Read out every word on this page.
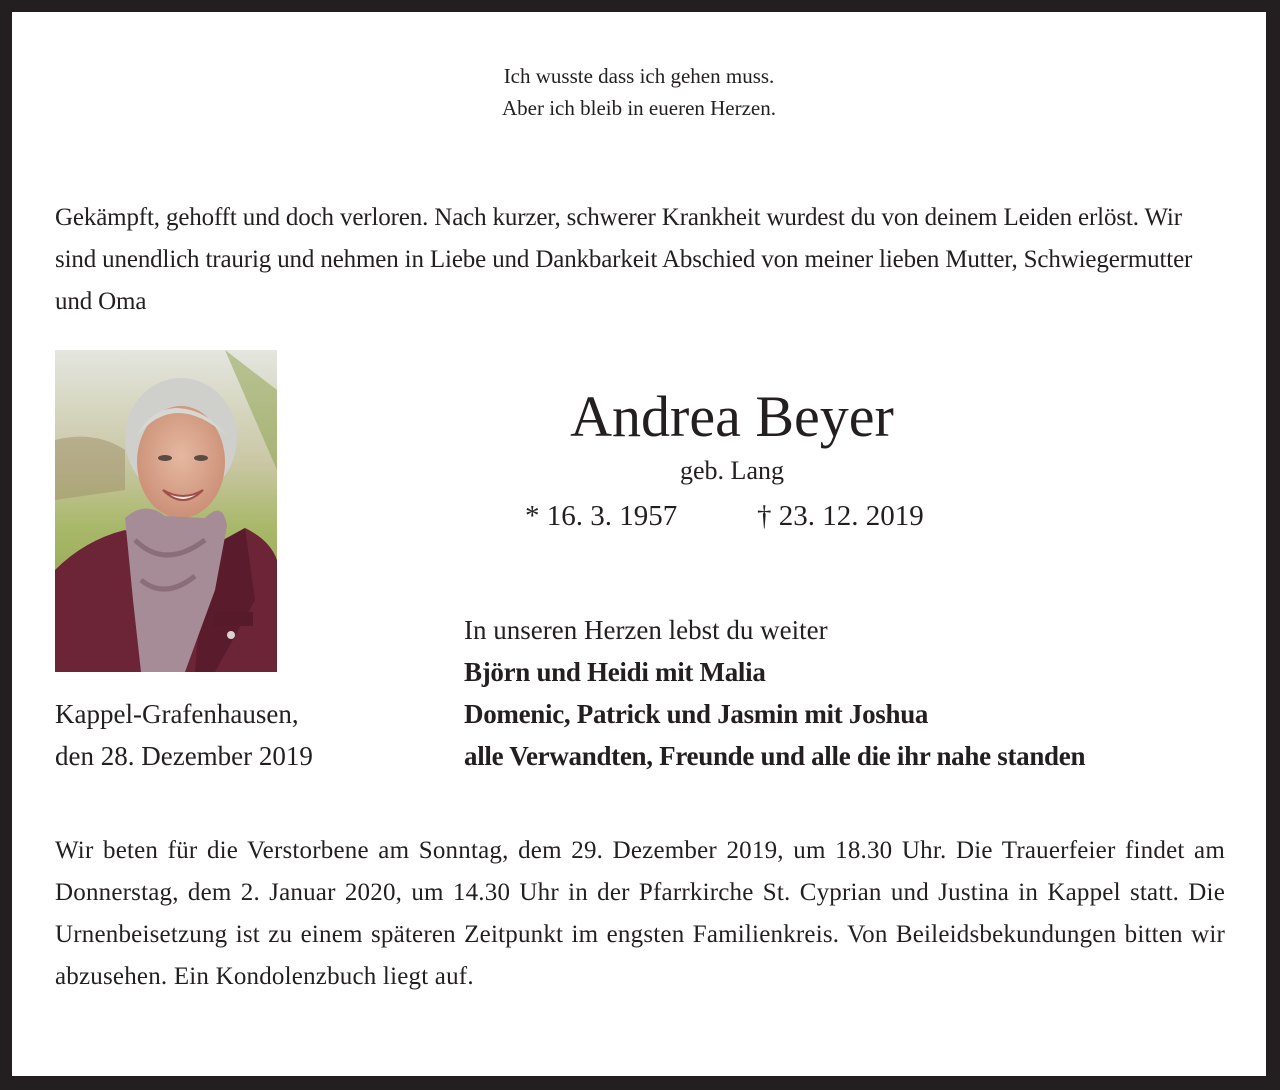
Ich wusste dass ich gehen muss.
Aber ich bleib in eueren Herzen.
Gekämpft, gehofft und doch verloren. Nach kurzer, schwerer Krankheit wurdest du von deinem Leiden erlöst. Wir sind unendlich traurig und nehmen in Liebe und Dankbarkeit Abschied von meiner lieben Mutter, Schwiegermutter und Oma
Andrea Beyer
geb. Lang
* 16. 3. 1957	† 23. 12. 2019
In unseren Herzen lebst du weiter
Björn und Heidi mit Malia
Domenic, Patrick und Jasmin mit Joshua
alle Verwandten, Freunde und alle die ihr nahe standen
Kappel-Grafenhausen,
den 28. Dezember 2019
Wir beten für die Verstorbene am Sonntag, dem 29. Dezember 2019, um 18.30 Uhr. Die Trauerfeier findet am Donnerstag, dem 2. Januar 2020, um 14.30 Uhr in der Pfarrkirche St. Cyprian und Justina in Kappel statt. Die Urnenbeisetzung ist zu einem späteren Zeitpunkt im engsten Familienkreis. Von Beileidsbekundungen bitten wir abzusehen. Ein Kondolenzbuch liegt auf.
